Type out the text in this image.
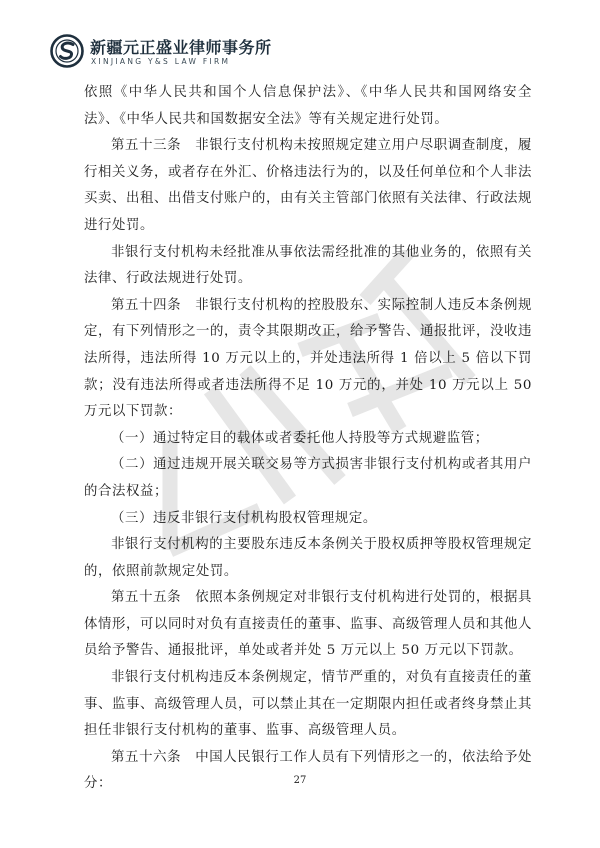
新疆元正盛业律师事务所
XINJIANG Y&S LAW FIRM

依照《中华人民共和国个人信息保护法》、《中华人民共和国网络安全法》、《中华人民共和国数据安全法》等有关规定进行处罚。

第五十三条　非银行支付机构未按照规定建立用户尽职调查制度，履行相关义务，或者存在外汇、价格违法行为的，以及任何单位和个人非法买卖、出租、出借支付账户的，由有关主管部门依照有关法律、行政法规进行处罚。

非银行支付机构未经批准从事依法需经批准的其他业务的，依照有关法律、行政法规进行处罚。

第五十四条　非银行支付机构的控股股东、实际控制人违反本条例规定，有下列情形之一的，责令其限期改正，给予警告、通报批评，没收违法所得，违法所得 10 万元以上的，并处违法所得 1 倍以上 5 倍以下罚款；没有违法所得或者违法所得不足 10 万元的，并处 10 万元以上 50 万元以下罚款：

（一）通过特定目的载体或者委托他人持股等方式规避监管；

（二）通过违规开展关联交易等方式损害非银行支付机构或者其用户的合法权益；

（三）违反非银行支付机构股权管理规定。

非银行支付机构的主要股东违反本条例关于股权质押等股权管理规定的，依照前款规定处罚。

第五十五条　依照本条例规定对非银行支付机构进行处罚的，根据具体情形，可以同时对负有直接责任的董事、监事、高级管理人员和其他人员给予警告、通报批评，单处或者并处 5 万元以上 50 万元以下罚款。

非银行支付机构违反本条例规定，情节严重的，对负有直接责任的董事、监事、高级管理人员，可以禁止其在一定期限内担任或者终身禁止其担任非银行支付机构的董事、监事、高级管理人员。

第五十六条　中国人民银行工作人员有下列情形之一的，依法给予处分：	27
